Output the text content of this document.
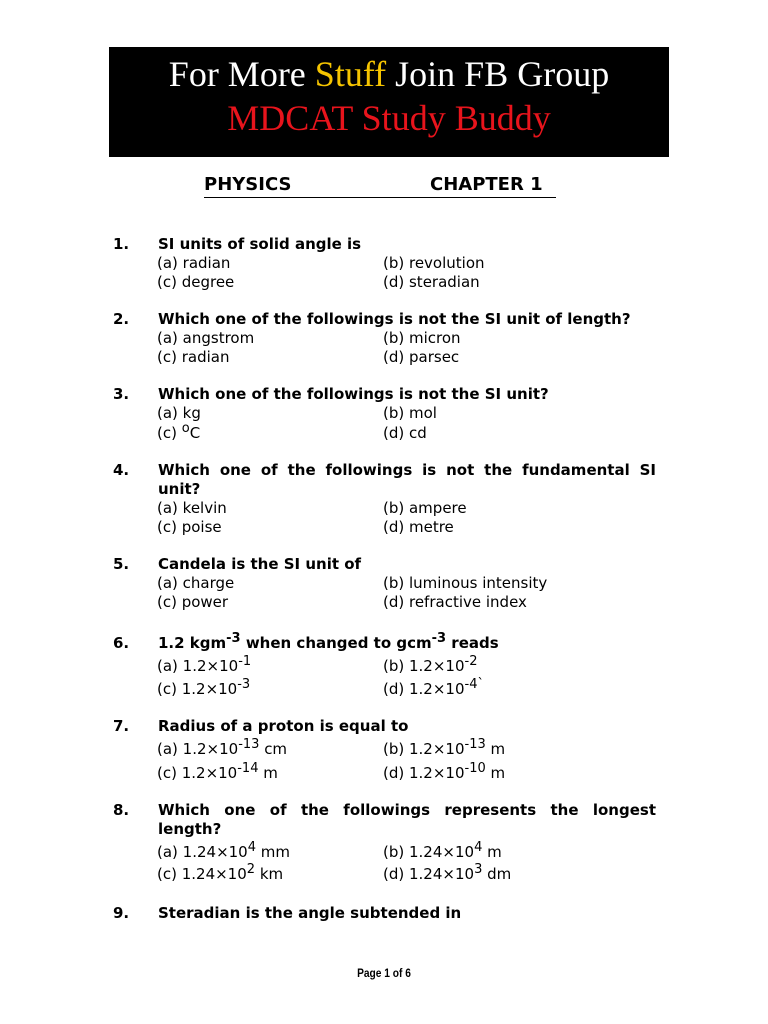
For More Stuff Join FB Group
MDCAT Study Buddy
PHYSICS	CHAPTER 1
1. SI units of solid angle is
(a) radian	(b) revolution
(c) degree	(d) steradian
2. Which one of the followings is not the SI unit of length?
(a) angstrom	(b) micron
(c) radian	(d) parsec
3. Which one of the followings is not the SI unit?
(a) kg	(b) mol
(c) $^o$C	(d) cd
4. Which one of the followings is not the fundamental SI
unit?
(a) kelvin	(b) ampere
(c) poise	(d) metre
5. Candela is the SI unit of
(a) charge	(b) luminous intensity
(c) power	(d) refractive index
6. 1.2 kgm$^{-3}$ when changed to gcm$^{-3}$ reads
(a) $1.2\times 10^{-1}$	(b) $1.2\times 10^{-2}$
(c) $1.2\times 10^{-3}$	(d) $1.2\times 10^{-4`}$
7. Radius of a proton is equal to
(a) $1.2\times 10^{-13}$ cm	(b) $1.2\times 10^{-13}$ m
(c) $1.2\times 10^{-14}$ m	(d) $1.2\times 10^{-10}$ m
8. Which one of the followings represents the longest
length?
(a) $1.24\times 10^4$ mm	(b) $1.24\times 10^4$ m
(c) $1.24\times 10^2$ km	(d) $1.24\times 10^3$ dm
9. Steradian is the angle subtended in
Page 1 of 6
